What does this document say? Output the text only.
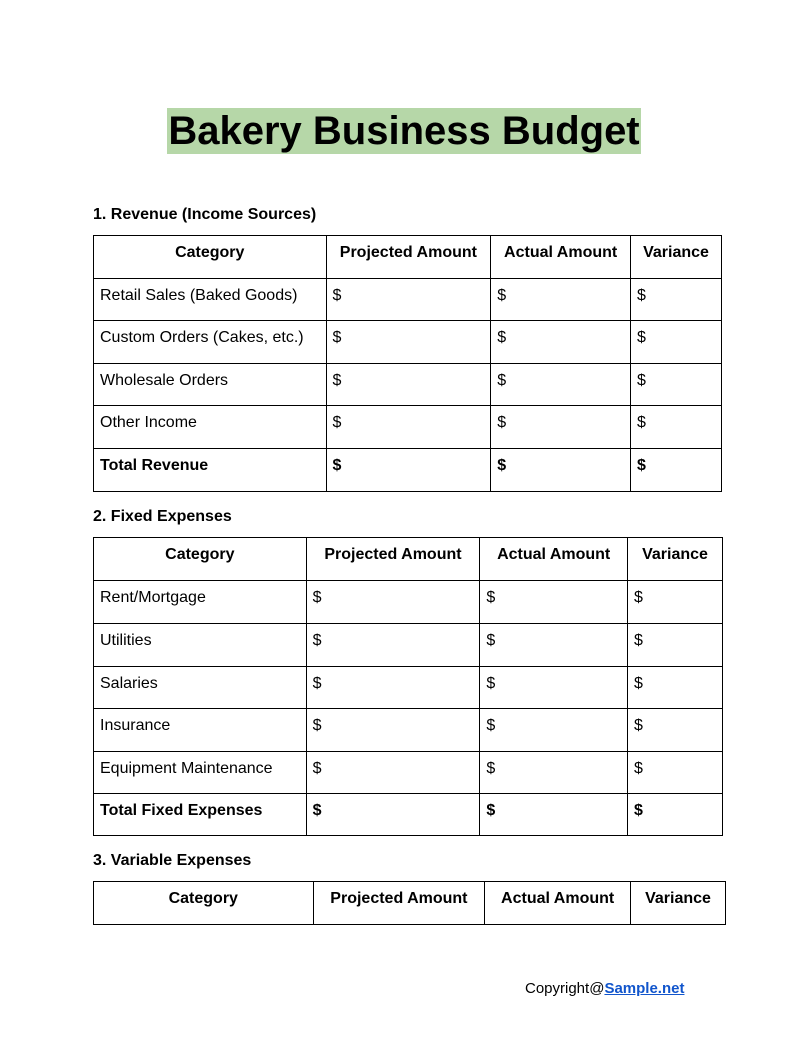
Bakery Business Budget
1. Revenue (Income Sources)
Category	Projected Amount	Actual Amount	Variance
Retail Sales (Baked Goods)	$	$	$
Custom Orders (Cakes, etc.)	$	$	$
Wholesale Orders	$	$	$
Other Income	$	$	$
Total Revenue	$	$	$
2. Fixed Expenses
Category	Projected Amount	Actual Amount	Variance
Rent/Mortgage	$	$	$
Utilities	$	$	$
Salaries	$	$	$
Insurance	$	$	$
Equipment Maintenance	$	$	$
Total Fixed Expenses	$	$	$
3. Variable Expenses
Category	Projected Amount	Actual Amount	Variance
Copyright@Sample.net
